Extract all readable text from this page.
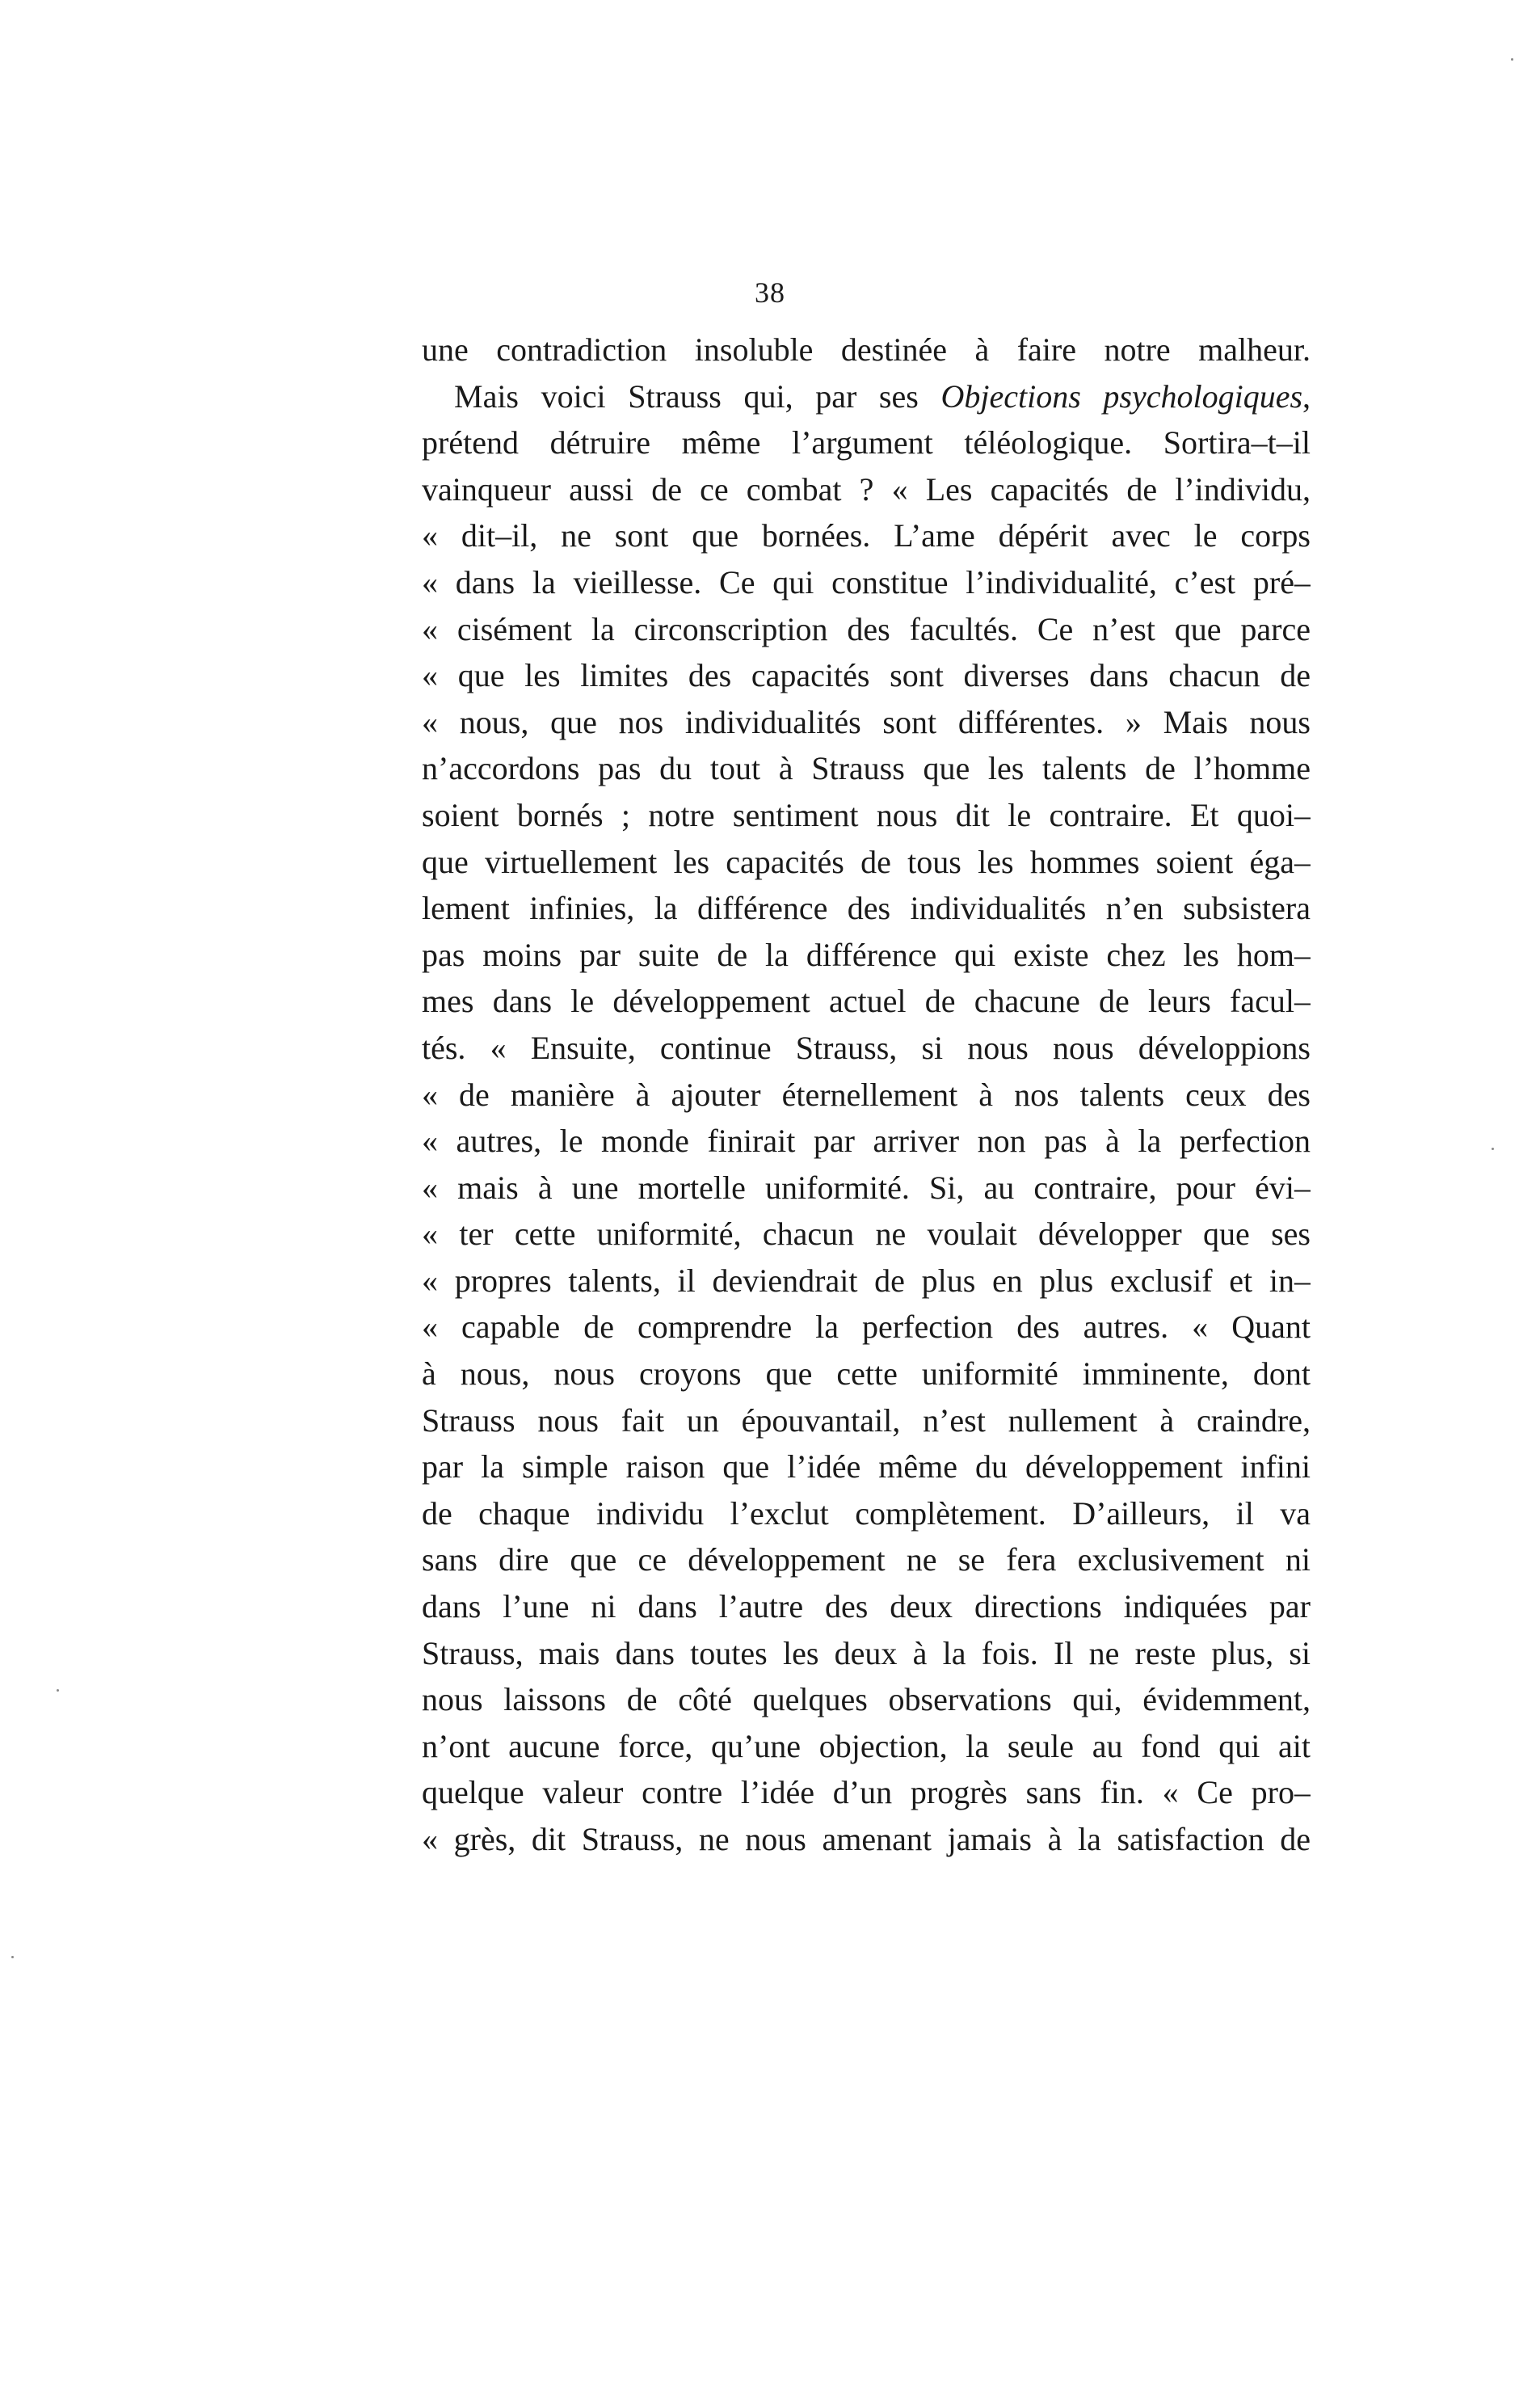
38
une contradiction insoluble destinée à faire notre malheur.
Mais voici Strauss qui, par ses Objections psychologiques,
prétend détruire même l’argument téléologique. Sortira–t–il
vainqueur aussi de ce combat ? « Les capacités de l’individu,
« dit–il, ne sont que bornées. L’ame dépérit avec le corps
« dans la vieillesse. Ce qui constitue l’individualité, c’est pré–
« cisément la circonscription des facultés. Ce n’est que parce
« que les limites des capacités sont diverses dans chacun de
« nous, que nos individualités sont différentes. » Mais nous
n’accordons pas du tout à Strauss que les talents de l’homme
soient bornés ; notre sentiment nous dit le contraire. Et quoi–
que virtuellement les capacités de tous les hommes soient éga–
lement infinies, la différence des individualités n’en subsistera
pas moins par suite de la différence qui existe chez les hom–
mes dans le développement actuel de chacune de leurs facul–
tés. « Ensuite, continue Strauss, si nous nous développions
« de manière à ajouter éternellement à nos talents ceux des
« autres, le monde finirait par arriver non pas à la perfection
« mais à une mortelle uniformité. Si, au contraire, pour évi–
« ter cette uniformité, chacun ne voulait développer que ses
« propres talents, il deviendrait de plus en plus exclusif et in–
« capable de comprendre la perfection des autres. « Quant
à nous, nous croyons que cette uniformité imminente, dont
Strauss nous fait un épouvantail, n’est nullement à craindre,
par la simple raison que l’idée même du développement infini
de chaque individu l’exclut complètement. D’ailleurs, il va
sans dire que ce développement ne se fera exclusivement ni
dans l’une ni dans l’autre des deux directions indiquées par
Strauss, mais dans toutes les deux à la fois. Il ne reste plus, si
nous laissons de côté quelques observations qui, évidemment,
n’ont aucune force, qu’une objection, la seule au fond qui ait
quelque valeur contre l’idée d’un progrès sans fin. « Ce pro–
« grès, dit Strauss, ne nous amenant jamais à la satisfaction de
